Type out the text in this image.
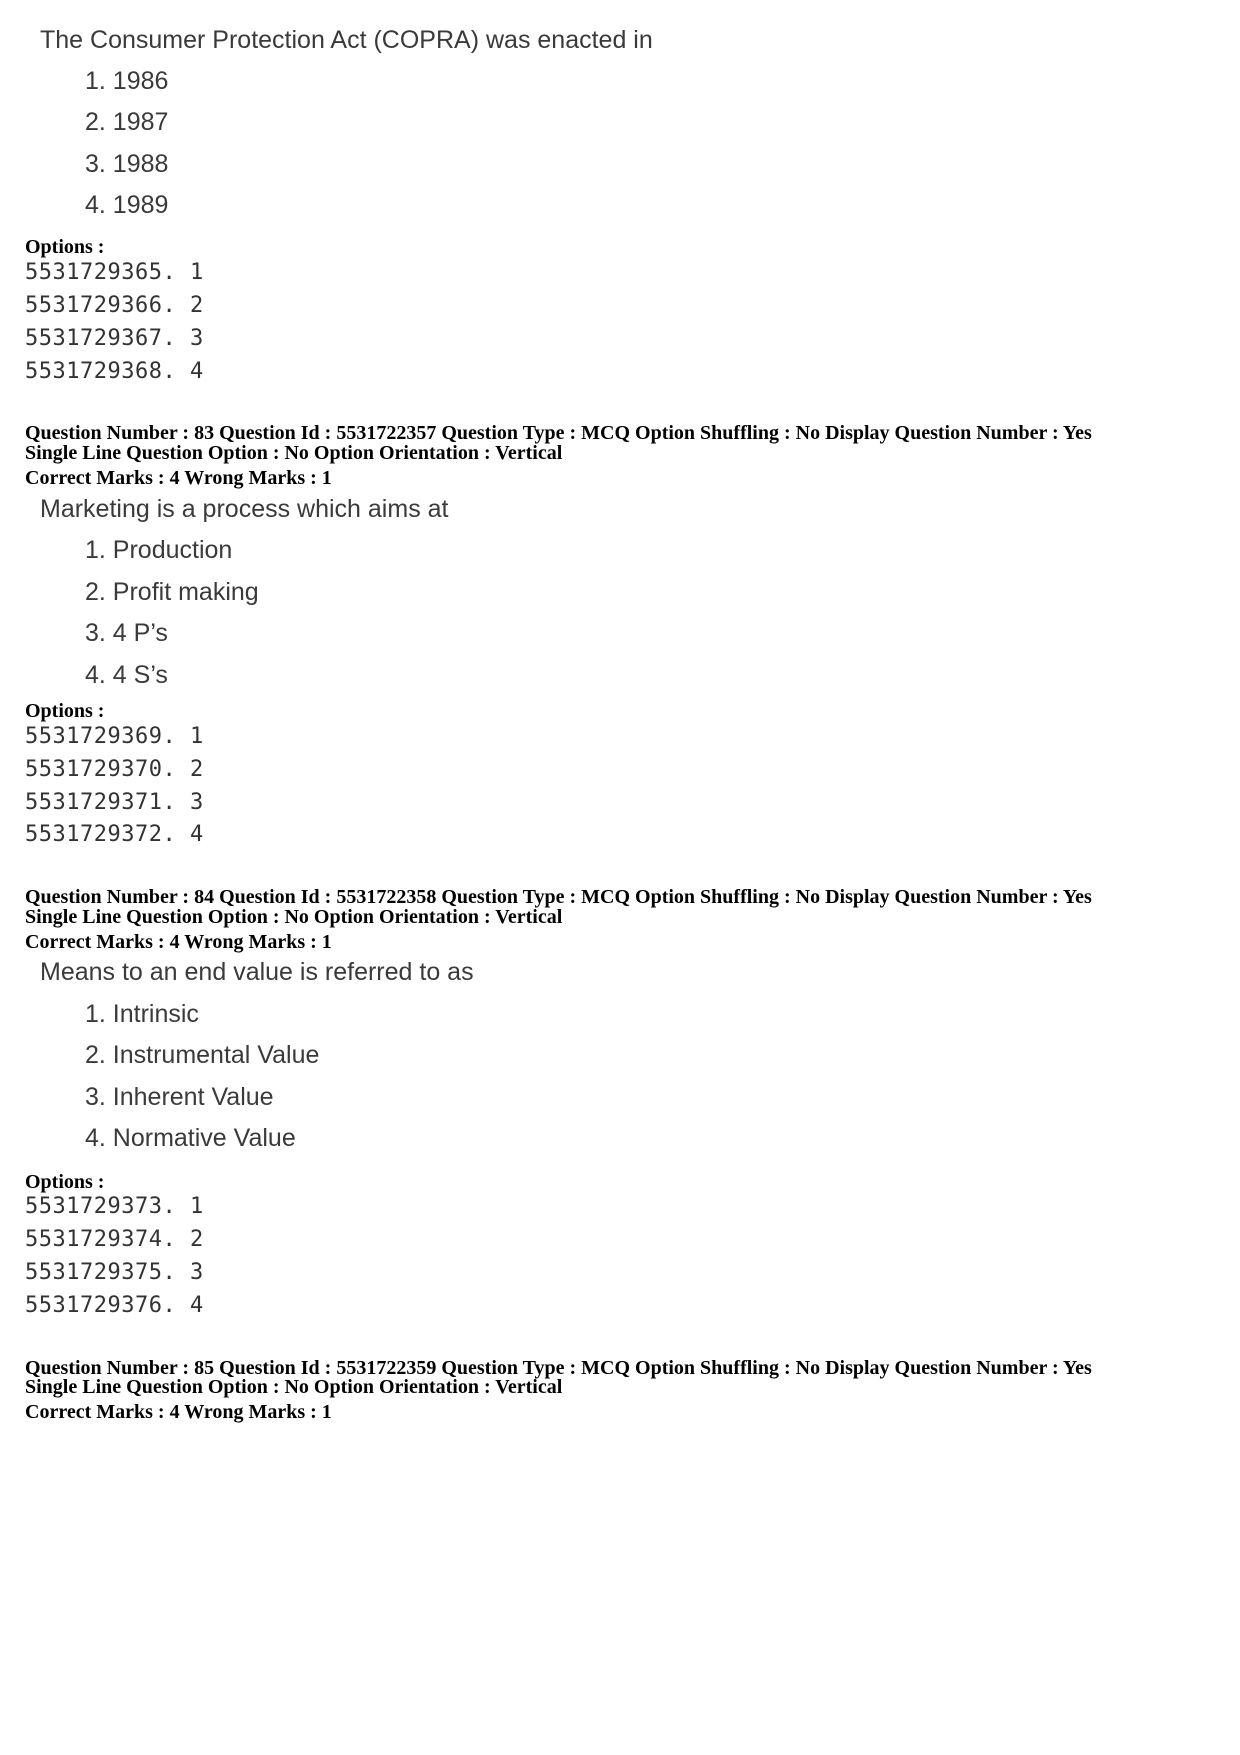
The Consumer Protection Act (COPRA) was enacted in
1. 1986
2. 1987
3. 1988
4. 1989
Options :
5531729365. 1
5531729366. 2
5531729367. 3
5531729368. 4
Question Number : 83 Question Id : 5531722357 Question Type : MCQ Option Shuffling : No Display Question Number : Yes
Single Line Question Option : No Option Orientation : Vertical
Correct Marks : 4 Wrong Marks : 1
Marketing is a process which aims at
1. Production
2. Profit making
3. 4 P’s
4. 4 S’s
Options :
5531729369. 1
5531729370. 2
5531729371. 3
5531729372. 4
Question Number : 84 Question Id : 5531722358 Question Type : MCQ Option Shuffling : No Display Question Number : Yes
Single Line Question Option : No Option Orientation : Vertical
Correct Marks : 4 Wrong Marks : 1
Means to an end value is referred to as
1. Intrinsic
2. Instrumental Value
3. Inherent Value
4. Normative Value
Options :
5531729373. 1
5531729374. 2
5531729375. 3
5531729376. 4
Question Number : 85 Question Id : 5531722359 Question Type : MCQ Option Shuffling : No Display Question Number : Yes
Single Line Question Option : No Option Orientation : Vertical
Correct Marks : 4 Wrong Marks : 1
